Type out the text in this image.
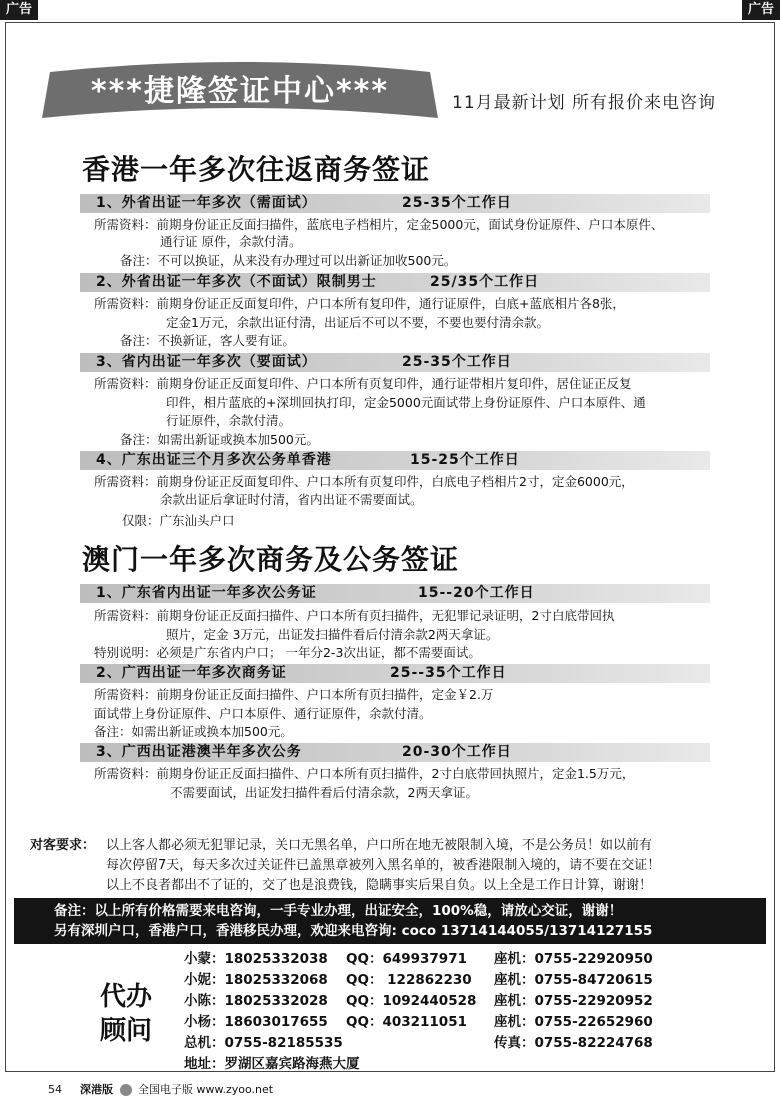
广告	广告
***捷隆签证中心***	11月最新计划 所有报价来电咨询
香港一年多次往返商务签证
1、外省出证一年多次（需面试）	25-35个工作日
所需资料：前期身份证正反面扫描件，蓝底电子档相片，定金5000元，面试身份证原件、户口本原件、
通行证 原件，余款付清。
备注：不可以换证，从来没有办理过可以出新证加收500元。
2、外省出证一年多次（不面试）限制男士	25/35个工作日
所需资料：前期身份证正反面复印件，户口本所有复印件，通行证原件，白底+蓝底相片各8张，
定金1万元，余款出证付清，出证后不可以不要，不要也要付清余款。
备注：不换新证，客人要有证。
3、省内出证一年多次（要面试）	25-35个工作日
所需资料：前期身份证正反面复印件、户口本所有页复印件，通行证带相片复印件，居住证正反复
印件，相片蓝底的+深圳回执打印，定金5000元面试带上身份证原件、户口本原件、通
行证原件，余款付清。
备注：如需出新证或换本加500元。
4、广东出证三个月多次公务单香港	15-25个工作日
所需资料：前期身份证正反面复印件、户口本所有页复印件，白底电子档相片2寸，定金6000元，
余款出证后拿证时付清，省内出证不需要面试。
仅限：广东汕头户口
澳门一年多次商务及公务签证
1、广东省内出证一年多次公务证	15--20个工作日
所需资料：前期身份证正反面扫描件、户口本所有页扫描件，无犯罪记录证明，2寸白底带回执
照片，定金 3万元，出证发扫描件看后付清余款2两天拿证。
特别说明：必须是广东省内户口； 一年分2-3次出证，都不需要面试。
2、广西出证一年多次商务证	25--35个工作日
所需资料：前期身份证正反面扫描件、户口本所有页扫描件，定金￥2.万
面试带上身份证原件、户口本原件、通行证原件，余款付清。
备注：如需出新证或换本加500元。
3、广西出证港澳半年多次公务	20-30个工作日
所需资料：前期身份证正反面扫描件、户口本所有页扫描件，2寸白底带回执照片，定金1.5万元，
不需要面试，出证发扫描件看后付清余款，2两天拿证。
对客要求： 以上客人都必须无犯罪记录，关口无黑名单，户口所在地无被限制入境，不是公务员！如以前有
每次停留7天，每天多次过关证件已盖黑章被列入黑名单的，被香港限制入境的，请不要在交证！
以上不良者都出不了证的，交了也是浪费钱，隐瞒事实后果自负。以上全是工作日计算，谢谢！
备注：以上所有价格需要来电咨询，一手专业办理，出证安全，100%稳，请放心交证，谢谢！
另有深圳户口，香港户口，香港移民办理，欢迎来电咨询: coco 13714144055/13714127155
代办
顾问
小蒙：18025332038 QQ：649937971 座机：0755-22920950
小妮：18025332068 QQ： 122862230 座机：0755-84720615
小陈：18025332028 QQ：1092440528 座机：0755-22920952
小杨：18603017655 QQ：403211051 座机：0755-22652960
总机：0755-82185535	传真：0755-82224768
地址：罗湖区嘉宾路海燕大厦
54 深港版 全国电子版 www.zyoo.net
